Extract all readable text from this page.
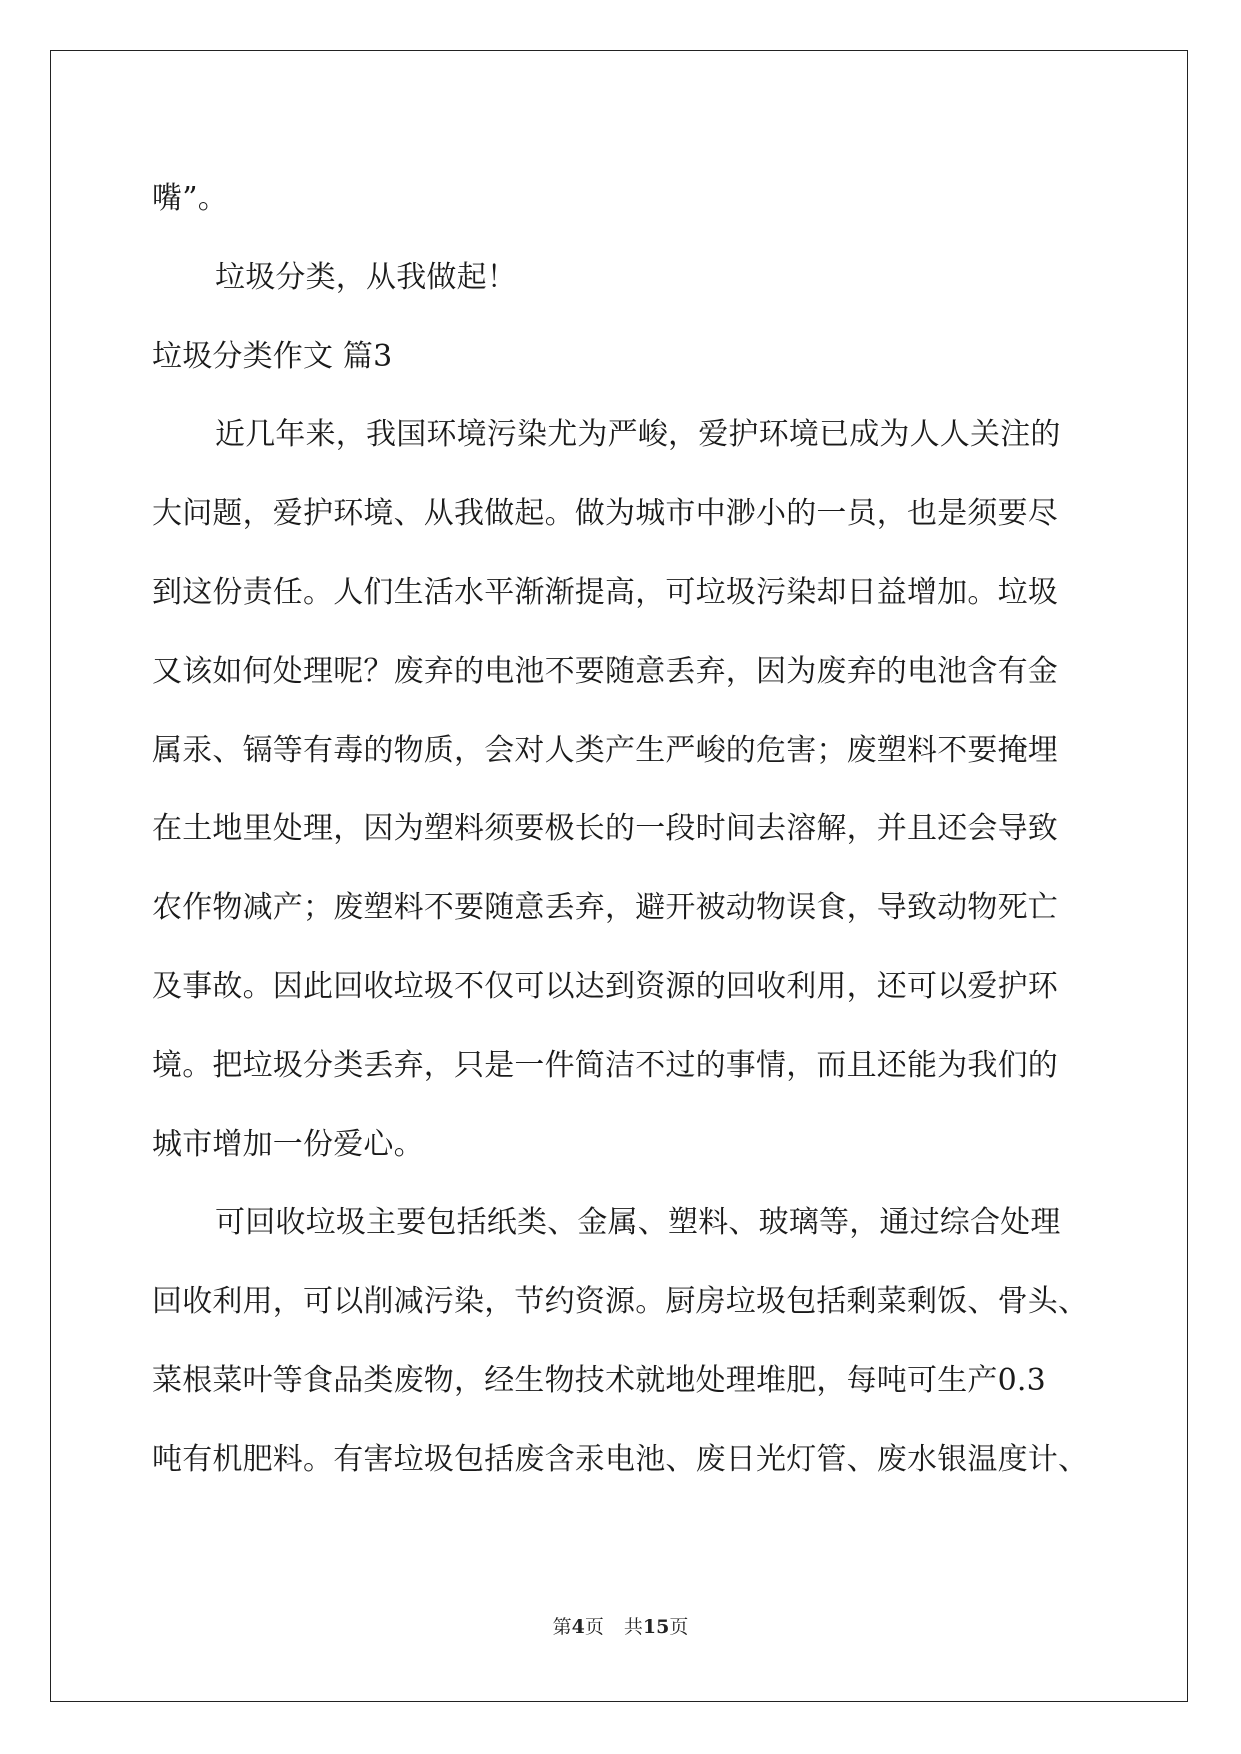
嘴”。
垃圾分类，从我做起！
垃圾分类作文 篇3
近几年来，我国环境污染尤为严峻，爱护环境已成为人人关注的
大问题，爱护环境、从我做起。做为城市中渺小的一员，也是须要尽
到这份责任。人们生活水平渐渐提高，可垃圾污染却日益增加。垃圾
又该如何处理呢？废弃的电池不要随意丢弃，因为废弃的电池含有金
属汞、镉等有毒的物质，会对人类产生严峻的危害；废塑料不要掩埋
在土地里处理，因为塑料须要极长的一段时间去溶解，并且还会导致
农作物减产；废塑料不要随意丢弃，避开被动物误食，导致动物死亡
及事故。因此回收垃圾不仅可以达到资源的回收利用，还可以爱护环
境。把垃圾分类丢弃，只是一件简洁不过的事情，而且还能为我们的
城市增加一份爱心。
可回收垃圾主要包括纸类、金属、塑料、玻璃等，通过综合处理
回收利用，可以削减污染，节约资源。厨房垃圾包括剩菜剩饭、骨头、
菜根菜叶等食品类废物，经生物技术就地处理堆肥，每吨可生产0.3
吨有机肥料。有害垃圾包括废含汞电池、废日光灯管、废水银温度计、
第4页 共15页
